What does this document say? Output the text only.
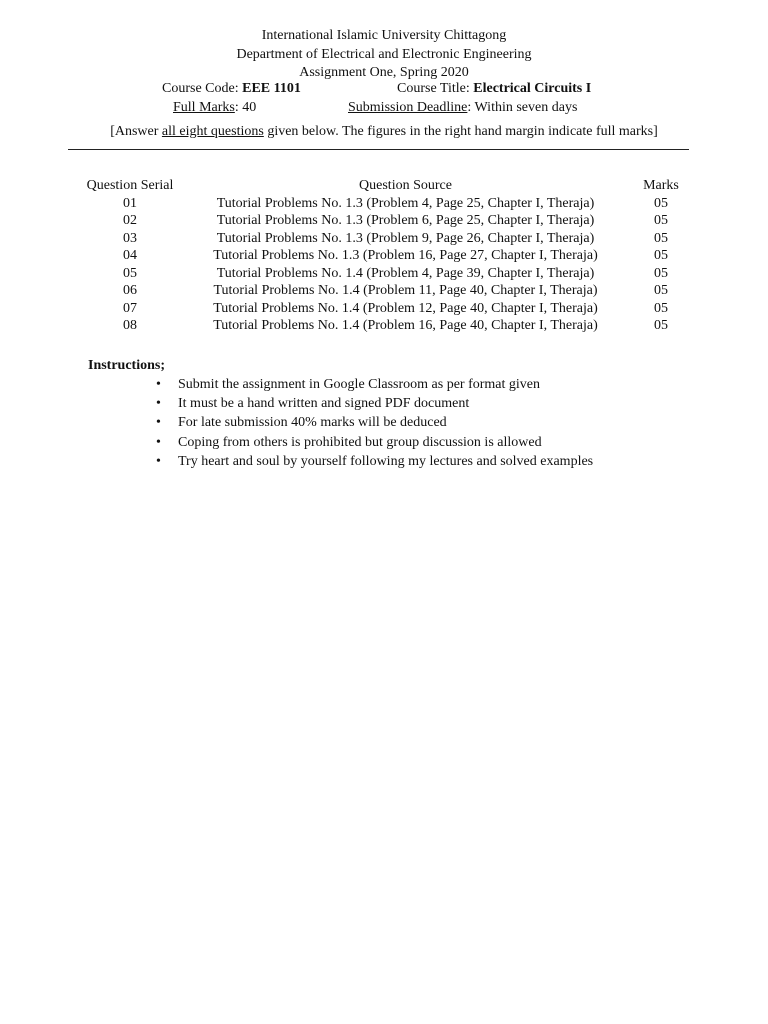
International Islamic University Chittagong
Department of Electrical and Electronic Engineering
Assignment One, Spring 2020
Course Code: EEE 1101	Course Title: Electrical Circuits I
Full Marks: 40	Submission Deadline: Within seven days
[Answer all eight questions given below. The figures in the right hand margin indicate full marks]
Question Serial	Question Source	Marks
01	Tutorial Problems No. 1.3 (Problem 4, Page 25, Chapter I, Theraja)	05
02	Tutorial Problems No. 1.3 (Problem 6, Page 25, Chapter I, Theraja)	05
03	Tutorial Problems No. 1.3 (Problem 9, Page 26, Chapter I, Theraja)	05
04	Tutorial Problems No. 1.3 (Problem 16, Page 27, Chapter I, Theraja)	05
05	Tutorial Problems No. 1.4 (Problem 4, Page 39, Chapter I, Theraja)	05
06	Tutorial Problems No. 1.4 (Problem 11, Page 40, Chapter I, Theraja)	05
07	Tutorial Problems No. 1.4 (Problem 12, Page 40, Chapter I, Theraja)	05
08	Tutorial Problems No. 1.4 (Problem 16, Page 40, Chapter I, Theraja)	05
Instructions;
• Submit the assignment in Google Classroom as per format given
• It must be a hand written and signed PDF document
• For late submission 40% marks will be deduced
• Coping from others is prohibited but group discussion is allowed
• Try heart and soul by yourself following my lectures and solved examples
